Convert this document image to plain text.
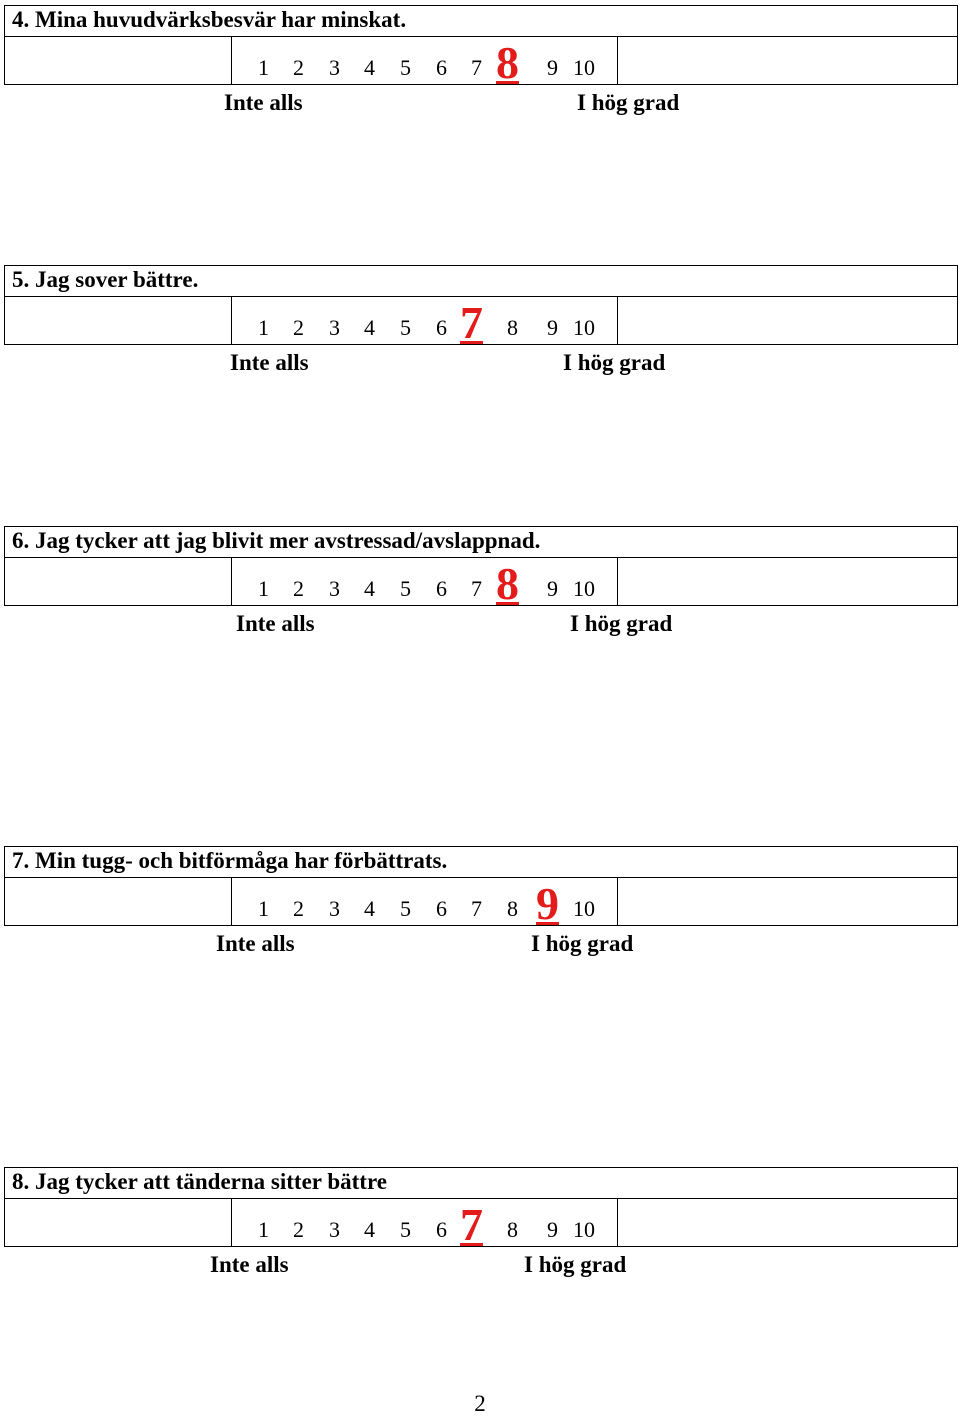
4. Mina huvudvärksbesvär har minskat.
1 2 3 4 5 6 7 8 9 10
Inte alls	I hög grad
5. Jag sover bättre.
1 2 3 4 5 6 7 8 9 10
Inte alls	I hög grad
6. Jag tycker att jag blivit mer avstressad/avslappnad.
1 2 3 4 5 6 7 8 9 10
Inte alls	I hög grad
7. Min tugg- och bitförmåga har förbättrats.
1 2 3 4 5 6 7 8 9 10
Inte alls	I hög grad
8. Jag tycker att tänderna sitter bättre
1 2 3 4 5 6 7 8 9 10
Inte alls	I hög grad
2
